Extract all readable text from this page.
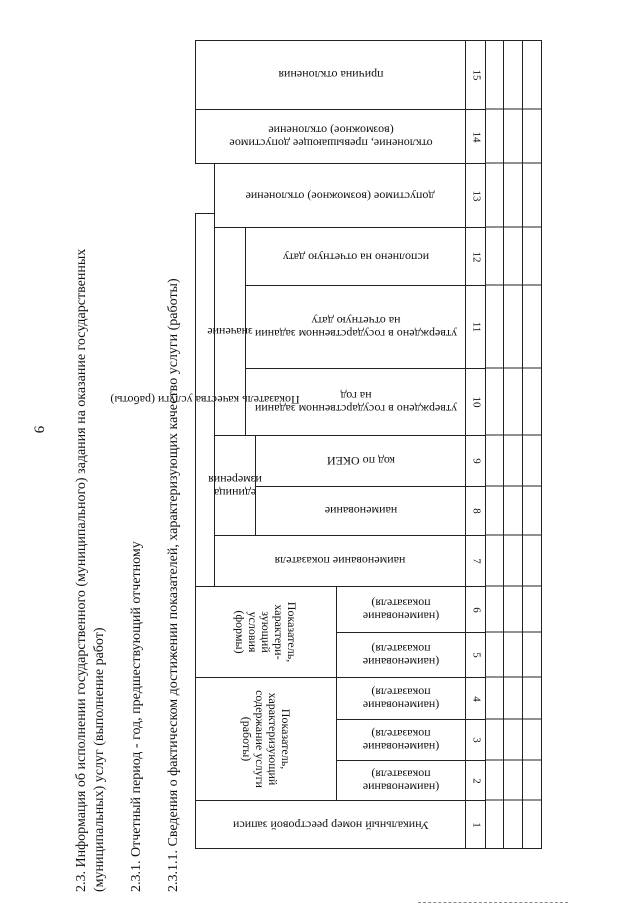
9 2.3. Информация об исполнении государственного (муниципального) задания на оказание государственных (муниципальных) услуг (выполнение работ) 2.3.1. Отчетный период - год, предшествующий отчетному 2.3.1.1. Сведения о фактическом достижении показателей, характеризующих качество услуги (работы)	Уникальный номер реестровой записи
Показатель, характеризующий содержание услуги (работы)
(наименование показателя)
(наименование показателя)
(наименование показателя)
Показатель, характери-зующий условия (формы)
(наименование показателя)
(наименование показателя)
Показатель качества услуги (работы)
наименование показателя
единица измерения
наименование
код по ОКЕИ
значение
утверждено в государственном задании на год
утверждено в государственном задании на отчетную дату
исполнено на отчетную дату
допустимое (возможное) отклонение
отклонение, превышающее допустимое (возможное) отклонение
причина отклонения
1
2
3
4
5
6
7
8
9
10
11
12
13
14
15
